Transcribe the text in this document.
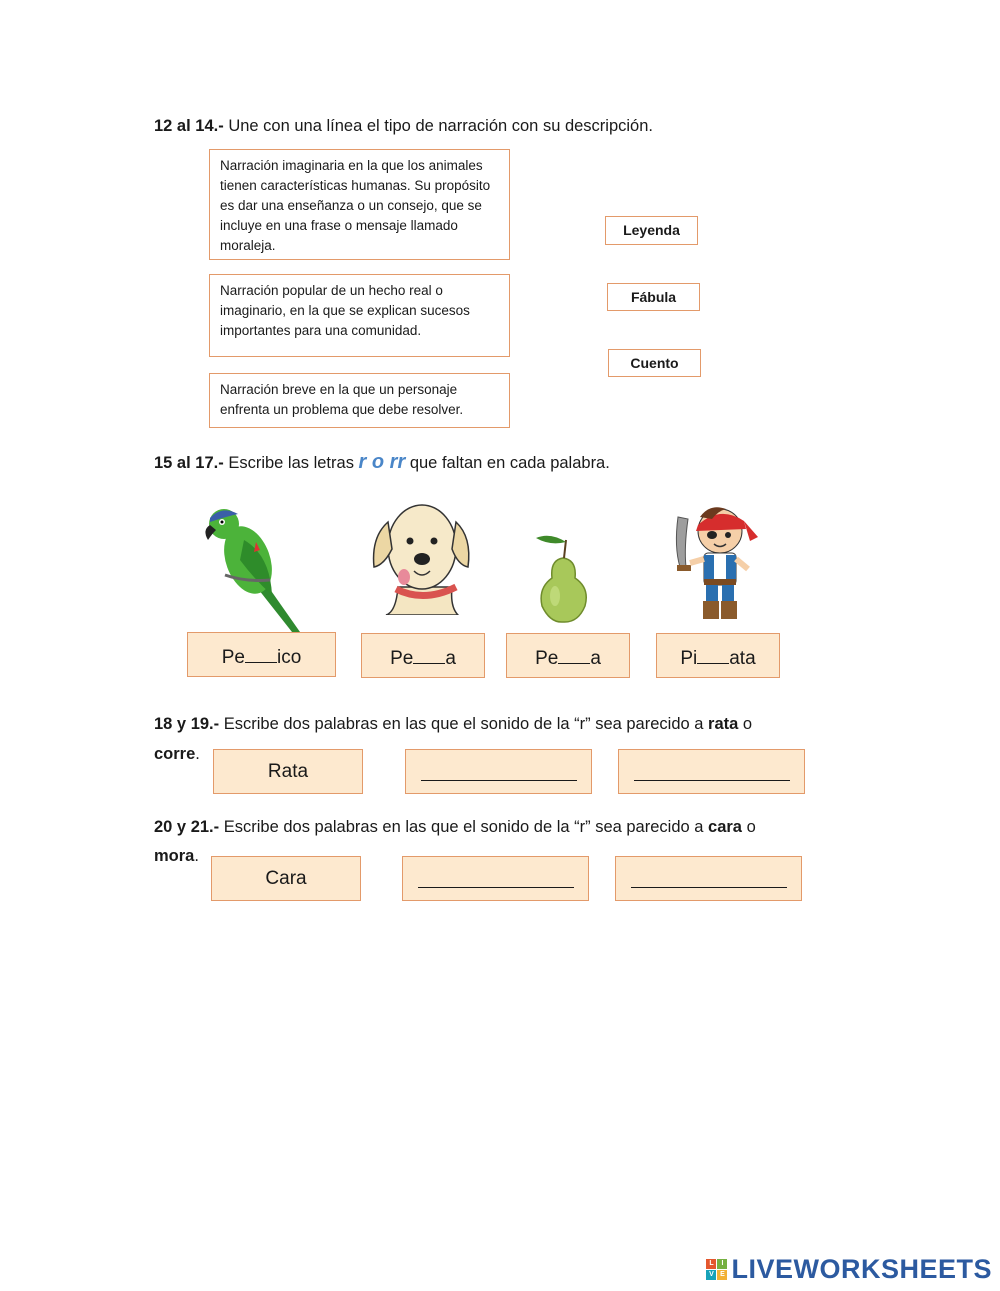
12 al 14.- Une con una línea el tipo de narración con su descripción.
Narración imaginaria en la que los animales tienen características humanas. Su propósito es dar una enseñanza o un consejo, que se incluye en una frase o mensaje llamado moraleja.
Narración popular de un hecho real o imaginario, en la que se explican sucesos importantes para una comunidad.
Narración breve en la que un personaje enfrenta un problema que debe resolver.
Leyenda
Fábula
Cuento
15 al 17.- Escribe las letras r o rr que faltan en cada palabra.
Pe ico	Pe a	Pe a	Pi ata
18 y 19.- Escribe dos palabras en las que el sonido de la “r” sea parecido a rata o
corre.
Rata
20 y 21.- Escribe dos palabras en las que el sonido de la “r” sea parecido a cara o
mora.
Cara
L	I
V E LIVEWORKSHEETS
